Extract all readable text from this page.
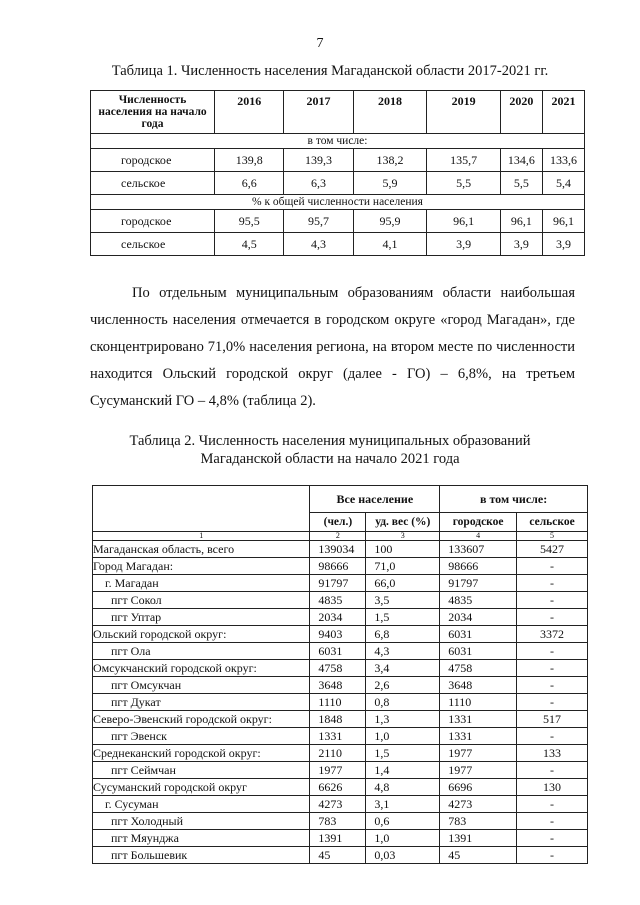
7
Таблица 1. Численность населения Магаданской области 2017-2021 гг.
Численность населения на начало года	2016	2017	2018	2019	2020	2021
в том числе:						
городское	139,8	139,3	138,2	135,7	134,6	133,6
сельское	6,6	6,3	5,9	5,5	5,5	5,4
% к общей численности населения						
городское	95,5	95,7	95,9	96,1	96,1	96,1
сельское	4,5	4,3	4,1	3,9	3,9	3,9
По отдельным муниципальным образованиям области наибольшая численность населения отмечается в городском округе «город Магадан», где сконцентрировано 71,0% населения региона, на втором месте по численности находится Ольский городской округ (далее - ГО) – 6,8%, на третьем Сусуманский ГО – 4,8% (таблица 2).
Таблица 2. Численность населения муниципальных образований
Магаданской области на начало 2021 года
	Все население		в том числе:	
	(чел.)	уд. вес (%)	городское	сельское
1	2	3	4	5
Магаданская область, всего	139034	100	133607	5427
Город Магадан:	98666	71,0	98666	-
г. Магадан	91797	66,0	91797	-
пгт Сокол	4835	3,5	4835	-
пгт Уптар	2034	1,5	2034	-
Ольский городской округ:	9403	6,8	6031	3372
пгт Ола	6031	4,3	6031	-
Омсукчанский городской округ:	4758	3,4	4758	-
пгт Омсукчан	3648	2,6	3648	-
пгт Дукат	1110	0,8	1110	-
Северо-Эвенский городской округ:	1848	1,3	1331	517
пгт Эвенск	1331	1,0	1331	-
Среднеканский городской округ:	2110	1,5	1977	133
пгт Сеймчан	1977	1,4	1977	-
Сусуманский городской округ	6626	4,8	6696	130
г. Сусуман	4273	3,1	4273	-
пгт Холодный	783	0,6	783	-
пгт Мяунджа	1391	1,0	1391	-
пгт Большевик	45	0,03	45	-
